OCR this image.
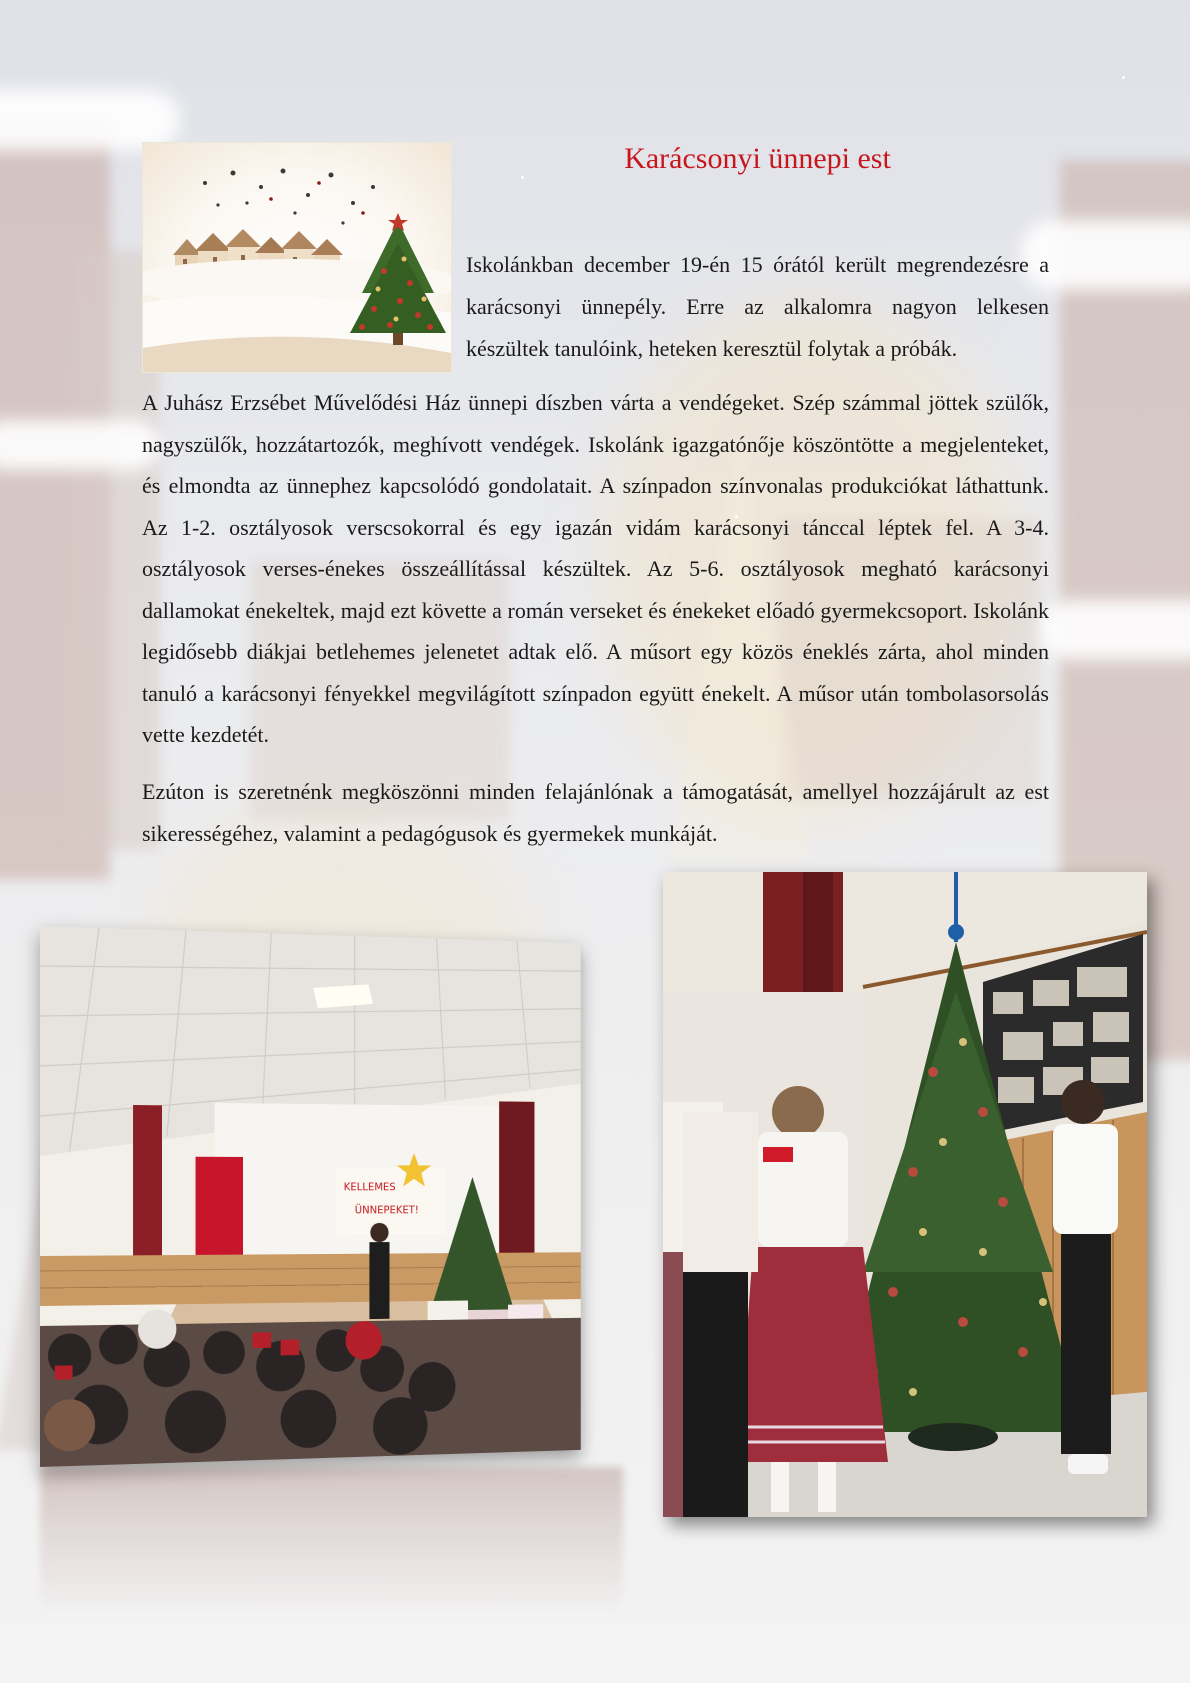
Karácsonyi ünnepi est

Iskolánkban december 19-én 15 órától került megrendezésre a karácsonyi ünnepély. Erre az alkalomra nagyon lelkesen készültek tanulóink, heteken keresztül folytak a próbák.

A Juhász Erzsébet Művelődési Ház ünnepi díszben várta a vendégeket. Szép számmal jöttek szülők, nagyszülők, hozzátartozók, meghívott vendégek. Iskolánk igazgatónője köszöntötte a megjelenteket, és elmondta az ünnephez kapcsolódó gondolatait. A színpadon színvonalas produkciókat láthattunk. Az 1-2. osztályosok verscsokorral és egy igazán vidám karácsonyi tánccal léptek fel. A 3-4. osztályosok verses-énekes összeállítással készültek. Az 5-6. osztályosok megható karácsonyi dallamokat énekeltek, majd ezt követte a román verseket és énekeket előadó gyermekcsoport. Iskolánk legidősebb diákjai betlehemes jelenetet adtak elő. A műsort egy közös éneklés zárta, ahol minden tanuló a karácsonyi fényekkel megvilágított színpadon együtt énekelt. A műsor után tombolasorsolás vette kezdetét.

Ezúton is szeretnénk megköszönni minden felajánlónak a támogatását, amellyel hozzájárult az est sikerességéhez, valamint a pedagógusok és gyermekek munkáját.

KELLEMES
ÜNNEPEKET!
